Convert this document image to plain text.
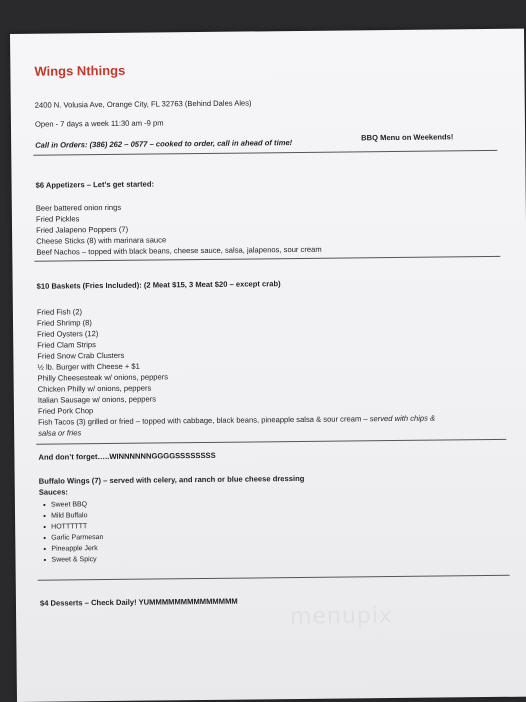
Wings Nthings
2400 N. Volusia Ave, Orange City, FL 32763 (Behind Dales Ales)
Open - 7 days a week 11:30 am -9 pm
Call in Orders: (386) 262 – 0577 – cooked to order, call in ahead of time!
BBQ Menu on Weekends!
$6 Appetizers – Let’s get started:
Beer battered onion rings
Fried Pickles
Fried Jalapeno Poppers (7)
Cheese Sticks (8) with marinara sauce
Beef Nachos – topped with black beans, cheese sauce, salsa, jalapenos, sour cream
$10 Baskets (Fries Included): (2 Meat $15, 3 Meat $20 – except crab)
Fried Fish (2)
Fried Shrimp (8)
Fried Oysters (12)
Fried Clam Strips
Fried Snow Crab Clusters
½ lb. Burger with Cheese + $1
Philly Cheesesteak w/ onions, peppers
Chicken Philly w/ onions, peppers
Italian Sausage w/ onions, peppers
Fried Pork Chop
Fish Tacos (3) grilled or fried – topped with cabbage, black beans, pineapple salsa & sour cream – served with chips &
salsa or fries
And don’t forget…..WINNNNNNGGGGSSSSSSSS
Buffalo Wings (7) – served with celery, and ranch or blue cheese dressing
Sauces:
• Sweet BBQ
• Mild Buffalo
• HOTTTTTT
• Garlic Parmesan
• Pineapple Jerk
• Sweet & Spicy
$4 Desserts – Check Daily! YUMMMMMMMMMMMMMM
menupix
